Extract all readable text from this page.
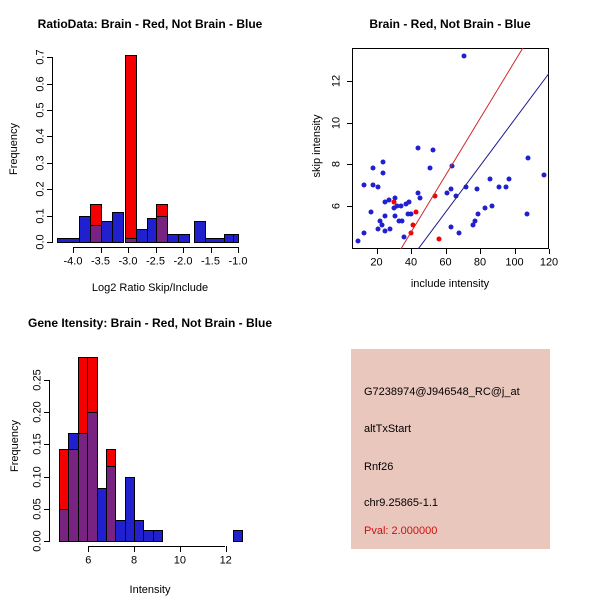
RatioData: Brain - Red, Not Brain - Blue
Log2 Ratio Skip/Include
Frequency
Brain - Red, Not Brain - Blue
include intensity
skip intensity
Gene Itensity: Brain - Red, Not Brain - Blue
Intensity
Frequency
G7238974@J946548_RC@j_at
altTxStart
Rnf26
chr9.25865-1.1
Pval: 2.000000
0.0
0.1
0.2
0.3
0.4
0.5
0.6
0.7
-4.0 -3.5 -3.0 -2.5 -2.0 -1.5 -1.0	20 40 60 80 100 120
6
8
10
12
0.00
0.05
0.10
0.15
0.20
0.25
6	8	10	12
